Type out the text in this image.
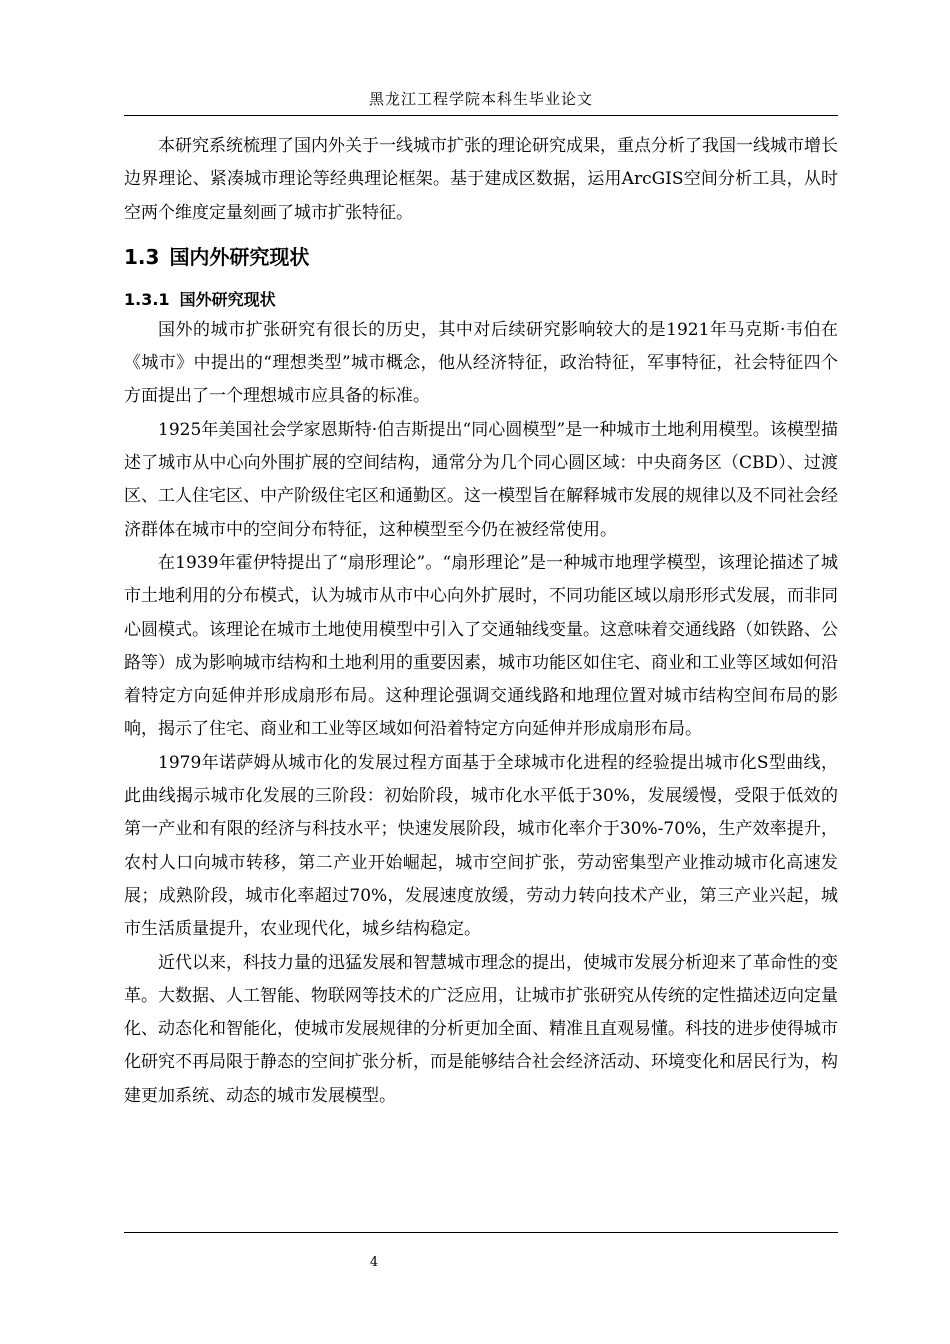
黑龙江工程学院本科生毕业论文

本研究系统梳理了国内外关于一线城市扩张的理论研究成果，重点分析了我国一线城市增长边界理论、紧凑城市理论等经典理论框架。基于建成区数据，运用ArcGIS空间分析工具，从时空两个维度定量刻画了城市扩张特征。

1.3 国内外研究现状
1.3.1 国外研究现状

国外的城市扩张研究有很长的历史，其中对后续研究影响较大的是1921年马克斯·韦伯在《城市》中提出的“理想类型”城市概念，他从经济特征，政治特征，军事特征，社会特征四个方面提出了一个理想城市应具备的标准。

1925年美国社会学家恩斯特·伯吉斯提出“同心圆模型”是一种城市土地利用模型。该模型描述了城市从中心向外围扩展的空间结构，通常分为几个同心圆区域：中央商务区（CBD）、过渡区、工人住宅区、中产阶级住宅区和通勤区。这一模型旨在解释城市发展的规律以及不同社会经济群体在城市中的空间分布特征，这种模型至今仍在被经常使用。

在1939年霍伊特提出了“扇形理论”。“扇形理论”是一种城市地理学模型，该理论描述了城市土地利用的分布模式，认为城市从市中心向外扩展时，不同功能区域以扇形形式发展，而非同心圆模式。该理论在城市土地使用模型中引入了交通轴线变量。这意味着交通线路（如铁路、公路等）成为影响城市结构和土地利用的重要因素，城市功能区如住宅、商业和工业等区域如何沿着特定方向延伸并形成扇形布局。这种理论强调交通线路和地理位置对城市结构空间布局的影响，揭示了住宅、商业和工业等区域如何沿着特定方向延伸并形成扇形布局。

1979年诺萨姆从城市化的发展过程方面基于全球城市化进程的经验提出城市化S型曲线，此曲线揭示城市化发展的三阶段：初始阶段，城市化水平低于30%，发展缓慢，受限于低效的第一产业和有限的经济与科技水平；快速发展阶段，城市化率介于30%-70%，生产效率提升，农村人口向城市转移，第二产业开始崛起，城市空间扩张，劳动密集型产业推动城市化高速发展；成熟阶段，城市化率超过70%，发展速度放缓，劳动力转向技术产业，第三产业兴起，城市生活质量提升，农业现代化，城乡结构稳定。

近代以来，科技力量的迅猛发展和智慧城市理念的提出，使城市发展分析迎来了革命性的变革。大数据、人工智能、物联网等技术的广泛应用，让城市扩张研究从传统的定性描述迈向定量化、动态化和智能化，使城市发展规律的分析更加全面、精准且直观易懂。科技的进步使得城市化研究不再局限于静态的空间扩张分析，而是能够结合社会经济活动、环境变化和居民行为，构建更加系统、动态的城市发展模型。

4
